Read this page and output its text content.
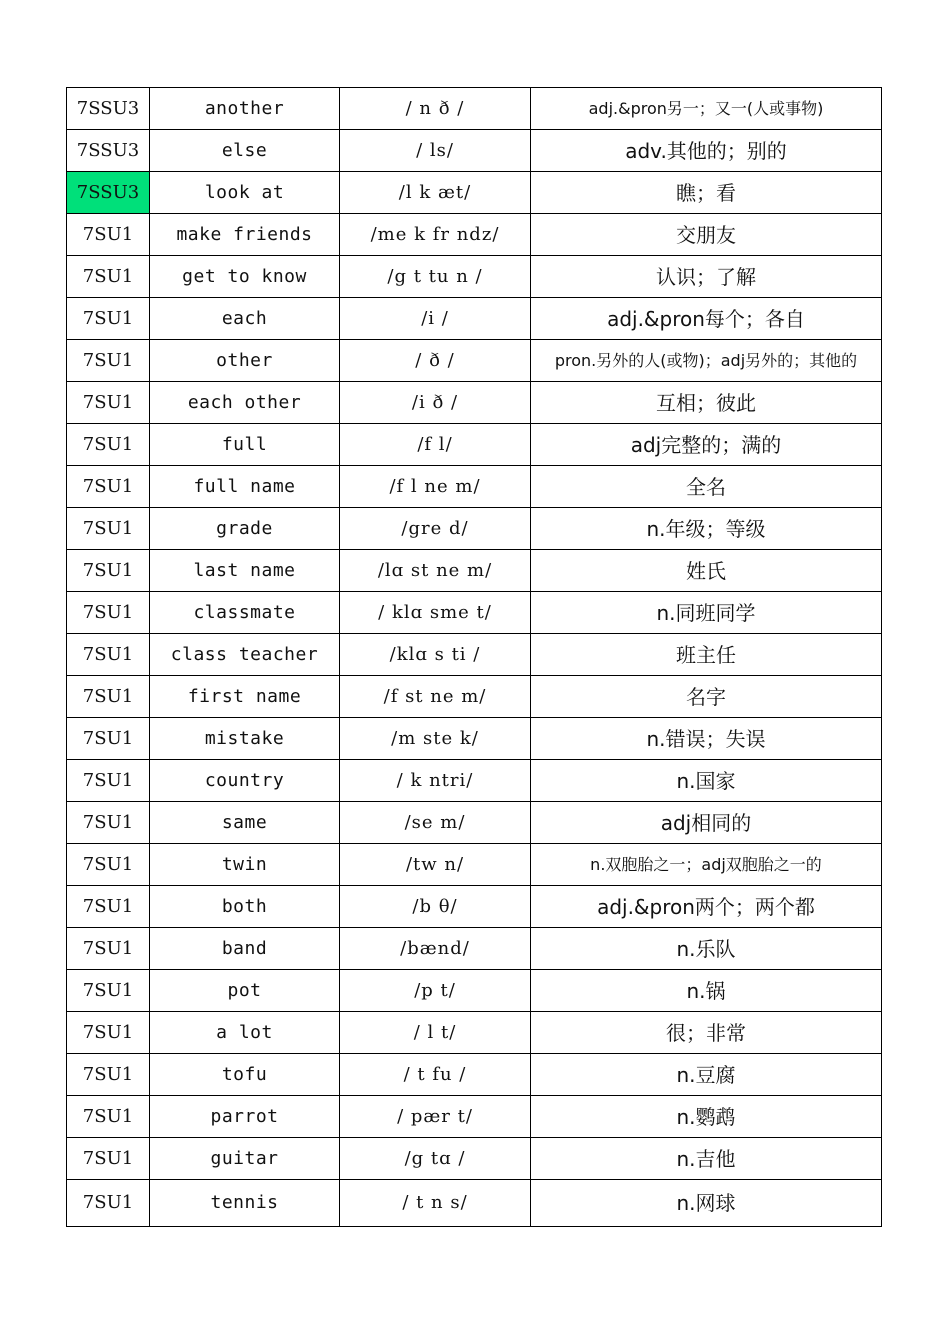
7SSU3	another	/ n ð /	adj.&pron另一；又一(人或事物)
7SSU3	else	/ ls/	adv.其他的；别的
7SSU3	look at	/l k æt/	瞧；看
7SU1	make friends	/me k fr ndz/	交朋友
7SU1	get to know	/g t tu n /	认识；了解
7SU1	each	/i /	adj.&pron每个；各自
7SU1	other	/ ð /	pron.另外的人(或物)；adj另外的；其他的
7SU1	each other	/i ð /	互相；彼此
7SU1	full	/f l/	adj完整的；满的
7SU1	full name	/f l ne m/	全名
7SU1	grade	/gre d/	n.年级；等级
7SU1	last name	/lɑ st ne m/	姓氏
7SU1	classmate	/ klɑ sme t/	n.同班同学
7SU1	class teacher	/klɑ s ti /	班主任
7SU1	first name	/f st ne m/	名字
7SU1	mistake	/m ste k/	n.错误；失误
7SU1	country	/ k ntri/	n.国家
7SU1	same	/se m/	adj相同的
7SU1	twin	/tw n/	n.双胞胎之一；adj双胞胎之一的
7SU1	both	/b θ/	adj.&pron两个；两个都
7SU1	band	/bænd/	n.乐队
7SU1	pot	/p t/	n.锅
7SU1	a lot	/ l t/	很；非常
7SU1	tofu	/ t fu /	n.豆腐
7SU1	parrot	/ pær t/	n.鹦鹉
7SU1	guitar	/g tɑ /	n.吉他
7SU1	tennis	/ t n s/	n.网球
